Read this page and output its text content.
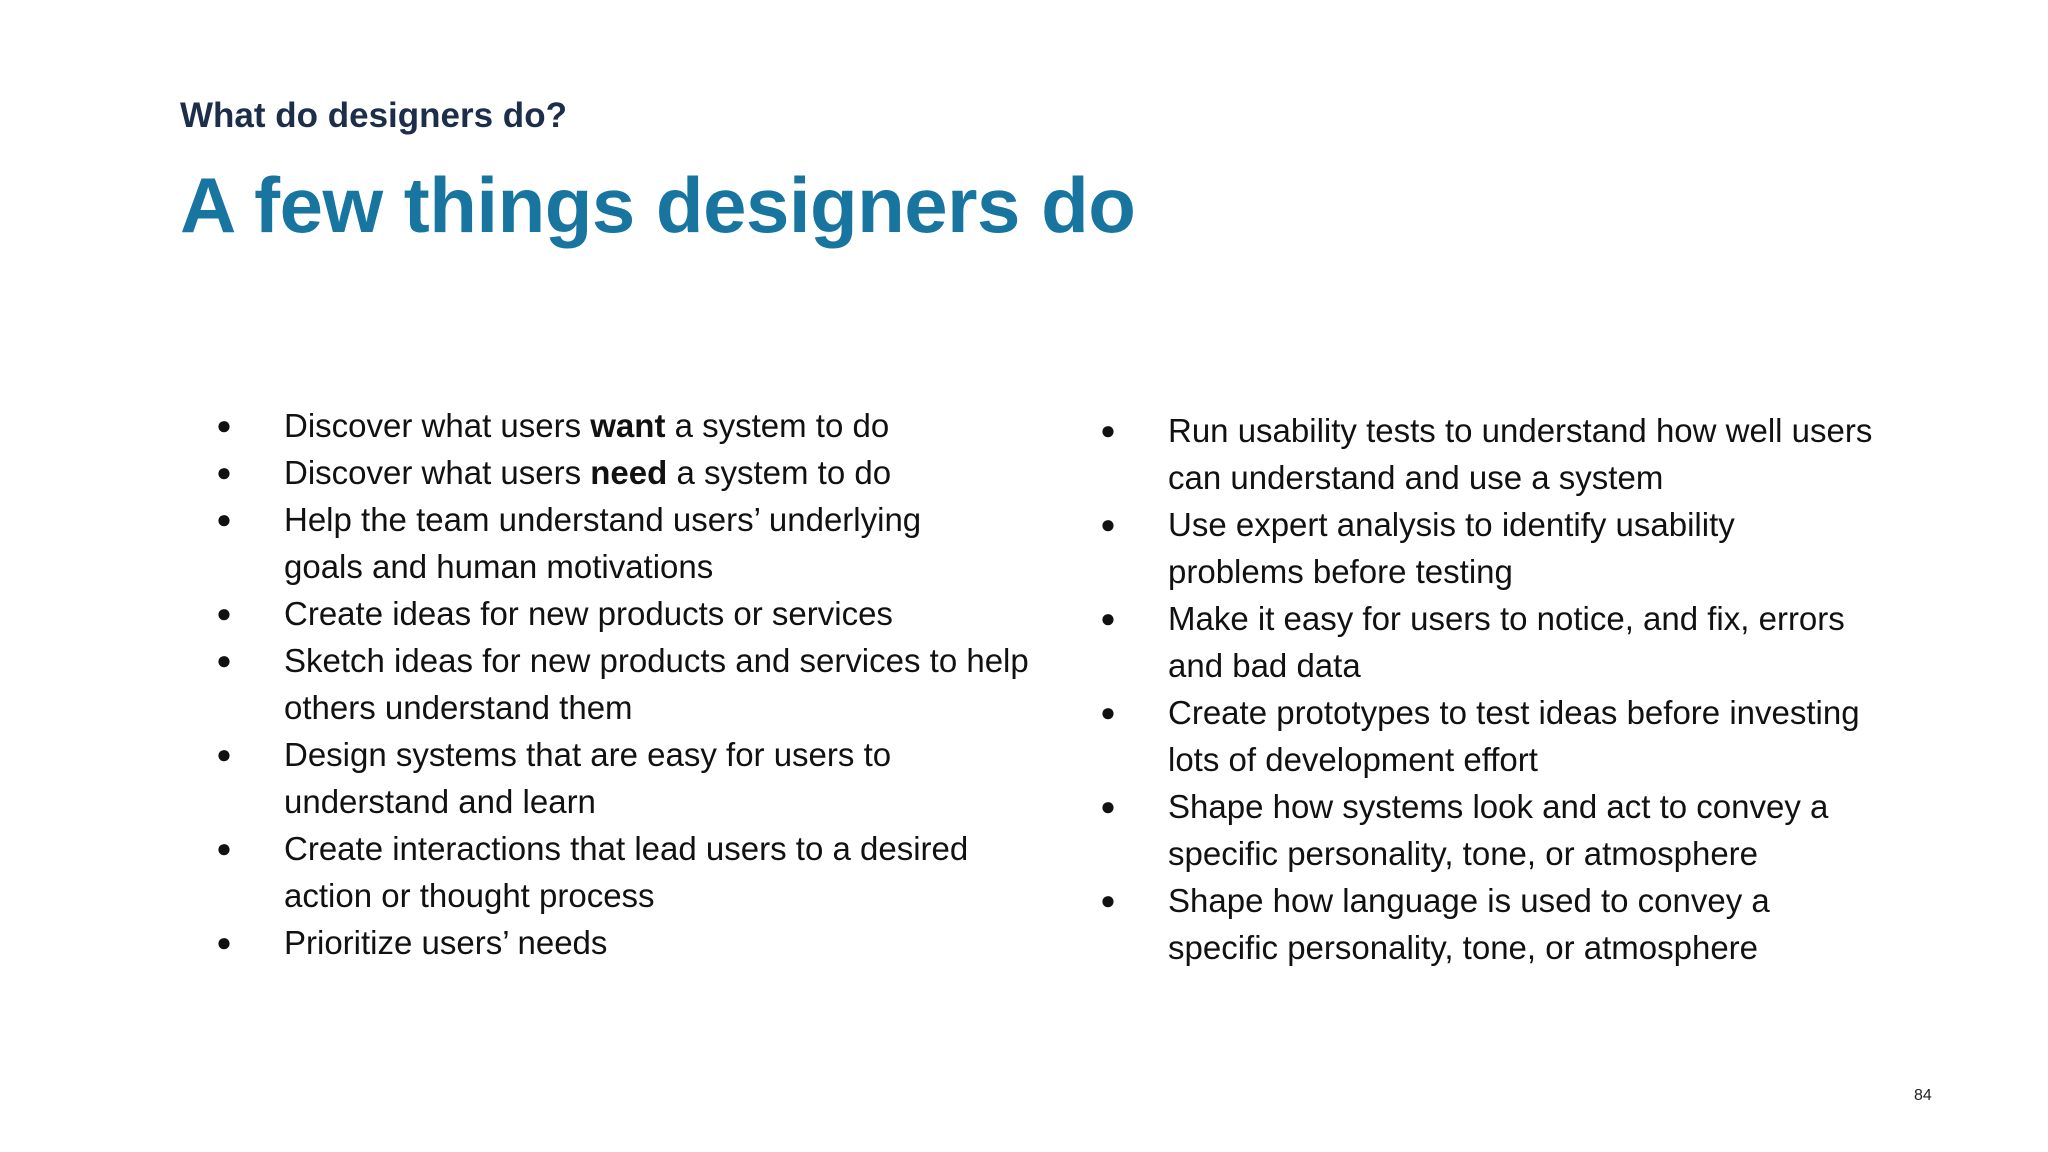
What do designers do?
A few things designers do
● Discover what users want a system to do
● Discover what users need a system to do
● Help the team understand users’ underlying goals and human motivations
● Create ideas for new products or services
● Sketch ideas for new products and services to help others understand them
● Design systems that are easy for users to understand and learn
● Create interactions that lead users to a desired action or thought process
● Prioritize users’ needs
● Run usability tests to understand how well users can understand and use a system
● Use expert analysis to identify usability problems before testing
● Make it easy for users to notice, and fix, errors and bad data
● Create prototypes to test ideas before investing lots of development effort
● Shape how systems look and act to convey a specific personality, tone, or atmosphere
● Shape how language is used to convey a specific personality, tone, or atmosphere
84
